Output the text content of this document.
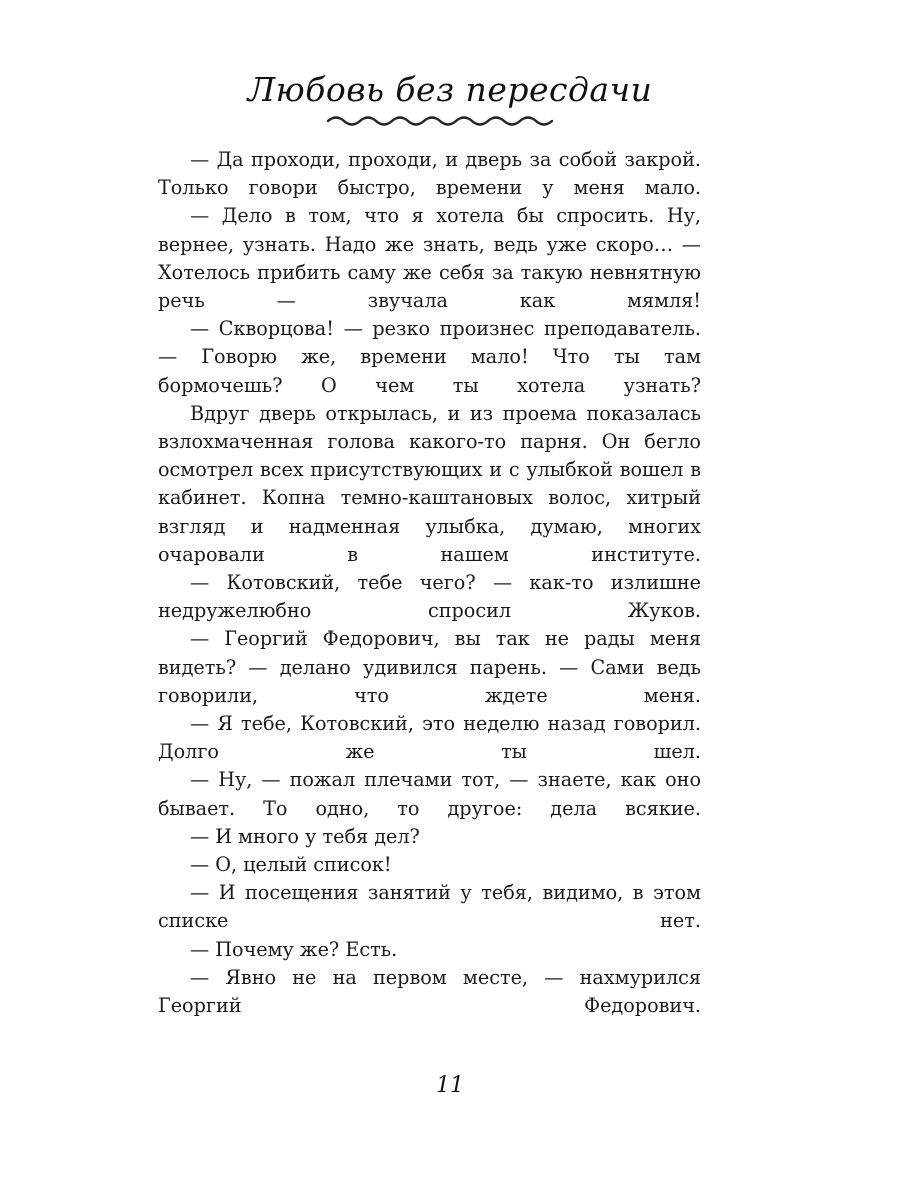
Любовь без пересдачи

— Да проходи, проходи, и дверь за собой закрой. Только говори быстро, времени у меня мало.

— Дело в том, что я хотела бы спросить. Ну, вернее, узнать. Надо же знать, ведь уже скоро… — Хотелось прибить саму же себя за такую невнятную речь — звучала как мямля!

— Скворцова! — резко произнес преподаватель. — Говорю же, времени мало! Что ты там бормочешь? О чем ты хотела узнать?

Вдруг дверь открылась, и из проема показалась взлохмаченная голова какого-то парня. Он бегло осмотрел всех присутствующих и с улыбкой вошел в кабинет. Копна темно-каштановых волос, хитрый взгляд и надменная улыбка, думаю, многих очаровали в нашем институте.

— Котовский, тебе чего? — как-то излишне недружелюбно спросил Жуков.

— Георгий Федорович, вы так не рады меня видеть? — делано удивился парень. — Сами ведь говорили, что ждете меня.

— Я тебе, Котовский, это неделю назад говорил. Долго же ты шел.

— Ну, — пожал плечами тот, — знаете, как оно бывает. То одно, то другое: дела всякие.

— И много у тебя дел?

— О, целый список!

— И посещения занятий у тебя, видимо, в этом списке нет.

— Почему же? Есть.

— Явно не на первом месте, — нахмурился Георгий Федорович.

11
